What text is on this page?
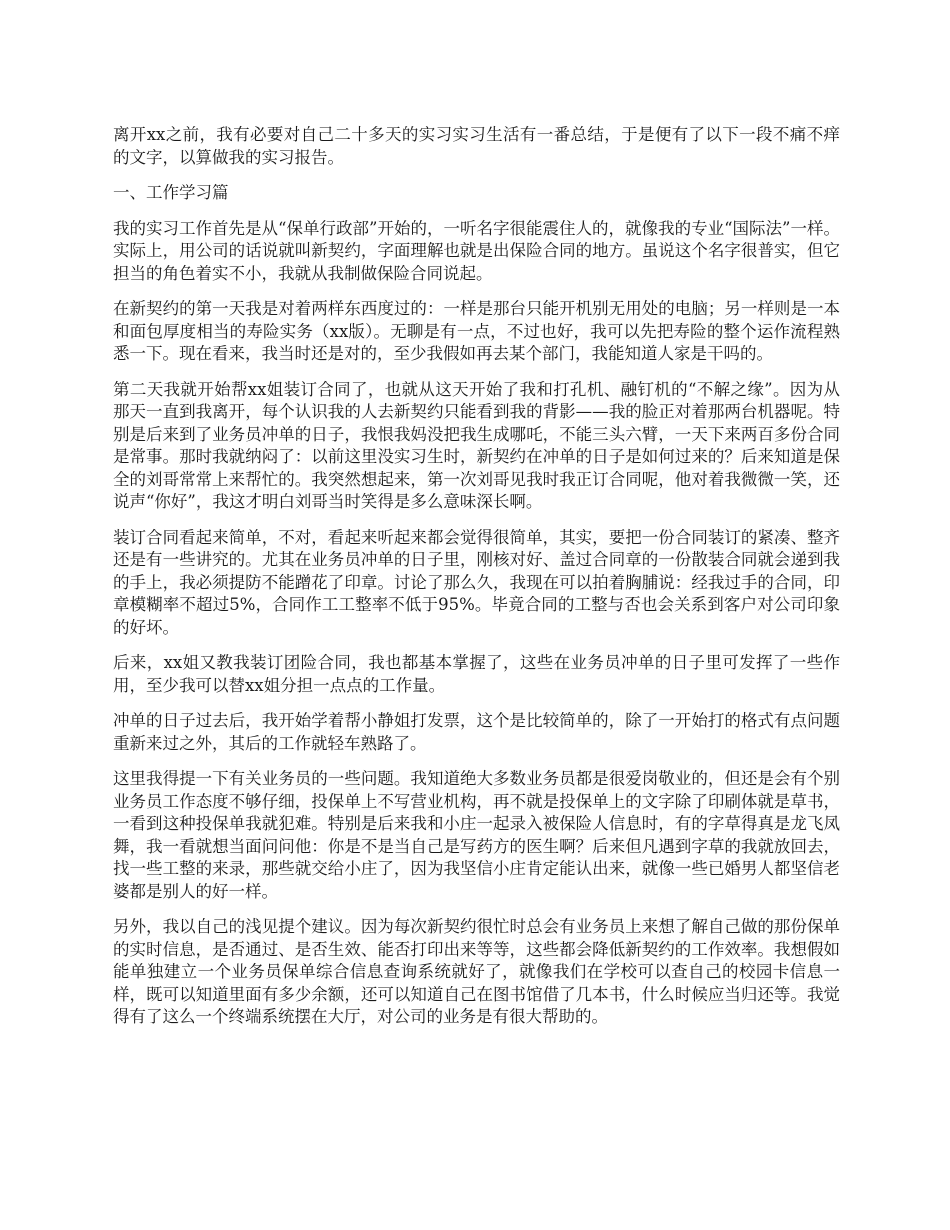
离开xx之前，我有必要对自己二十多天的实习实习生活有一番总结，于是便有了以下一段不痛不痒的文字，以算做我的实习报告。

一、工作学习篇

我的实习工作首先是从“保单行政部”开始的，一听名字很能震住人的，就像我的专业“国际法”一样。实际上，用公司的话说就叫新契约，字面理解也就是出保险合同的地方。虽说这个名字很普实，但它担当的角色着实不小，我就从我制做保险合同说起。

在新契约的第一天我是对着两样东西度过的：一样是那台只能开机别无用处的电脑；另一样则是一本和面包厚度相当的寿险实务（xx版）。无聊是有一点，不过也好，我可以先把寿险的整个运作流程熟悉一下。现在看来，我当时还是对的，至少我假如再去某个部门，我能知道人家是干吗的。

第二天我就开始帮xx姐装订合同了，也就从这天开始了我和打孔机、融钉机的“不解之缘”。因为从那天一直到我离开，每个认识我的人去新契约只能看到我的背影——我的脸正对着那两台机器呢。特别是后来到了业务员冲单的日子，我恨我妈没把我生成哪吒，不能三头六臂，一天下来两百多份合同是常事。那时我就纳闷了：以前这里没实习生时，新契约在冲单的日子是如何过来的？后来知道是保全的刘哥常常上来帮忙的。我突然想起来，第一次刘哥见我时我正订合同呢，他对着我微微一笑，还说声“你好”，我这才明白刘哥当时笑得是多么意味深长啊。

装订合同看起来简单，不对，看起来听起来都会觉得很简单，其实，要把一份合同装订的紧凑、整齐还是有一些讲究的。尤其在业务员冲单的日子里，刚核对好、盖过合同章的一份散装合同就会递到我的手上，我必须提防不能蹭花了印章。讨论了那么久，我现在可以拍着胸脯说：经我过手的合同，印章模糊率不超过5%，合同作工工整率不低于95%。毕竟合同的工整与否也会关系到客户对公司印象的好坏。

后来，xx姐又教我装订团险合同，我也都基本掌握了，这些在业务员冲单的日子里可发挥了一些作用，至少我可以替xx姐分担一点点的工作量。

冲单的日子过去后，我开始学着帮小静姐打发票，这个是比较简单的，除了一开始打的格式有点问题重新来过之外，其后的工作就轻车熟路了。

这里我得提一下有关业务员的一些问题。我知道绝大多数业务员都是很爱岗敬业的，但还是会有个别业务员工作态度不够仔细，投保单上不写营业机构，再不就是投保单上的文字除了印刷体就是草书，一看到这种投保单我就犯难。特别是后来我和小庄一起录入被保险人信息时，有的字草得真是龙飞凤舞，我一看就想当面问问他：你是不是当自己是写药方的医生啊？后来但凡遇到字草的我就放回去，找一些工整的来录，那些就交给小庄了，因为我坚信小庄肯定能认出来，就像一些已婚男人都坚信老婆都是别人的好一样。

另外，我以自己的浅见提个建议。因为每次新契约很忙时总会有业务员上来想了解自己做的那份保单的实时信息，是否通过、是否生效、能否打印出来等等，这些都会降低新契约的工作效率。我想假如能单独建立一个业务员保单综合信息查询系统就好了，就像我们在学校可以查自己的校园卡信息一样，既可以知道里面有多少余额，还可以知道自己在图书馆借了几本书，什么时候应当归还等。我觉得有了这么一个终端系统摆在大厅，对公司的业务是有很大帮助的。
